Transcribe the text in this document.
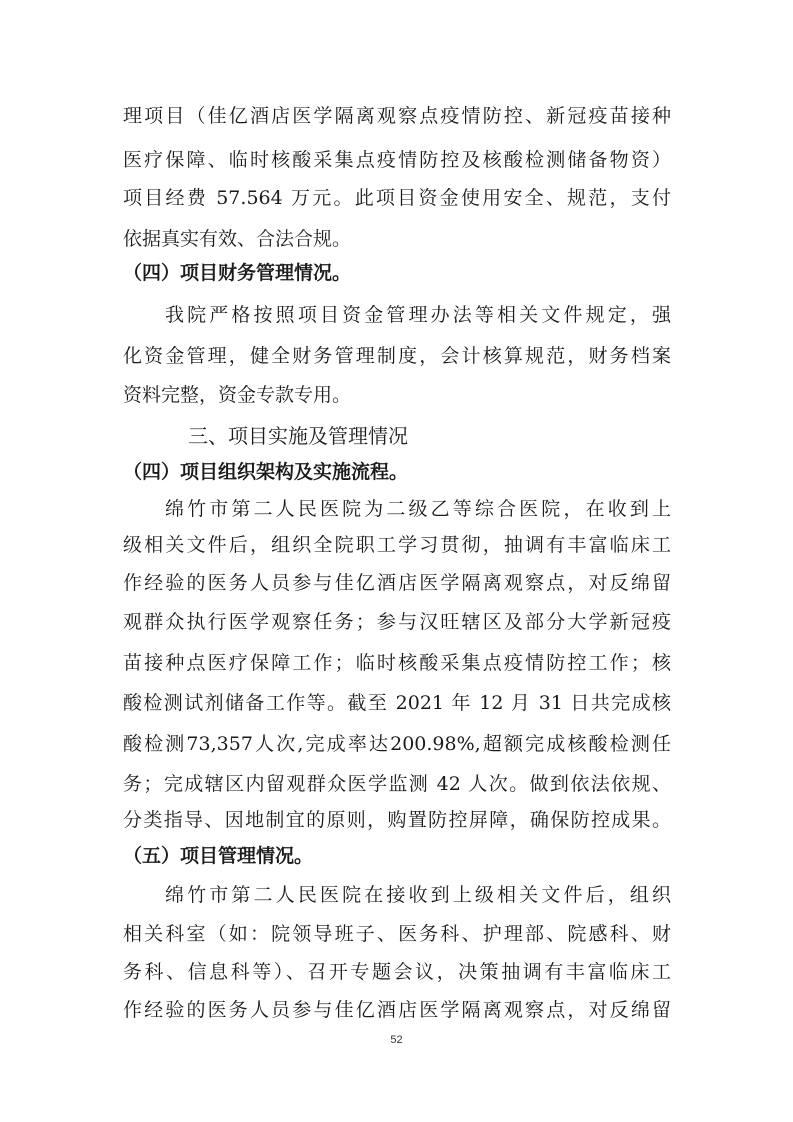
理项目（佳亿酒店医学隔离观察点疫情防控、新冠疫苗接种
医疗保障、临时核酸采集点疫情防控及核酸检测储备物资）
项目经费 57.564 万元。此项目资金使用安全、规范，支付
依据真实有效、合法合规。
（四）项目财务管理情况。
我院严格按照项目资金管理办法等相关文件规定，强
化资金管理，健全财务管理制度，会计核算规范，财务档案
资料完整，资金专款专用。
三、项目实施及管理情况
（四）项目组织架构及实施流程。
绵竹市第二人民医院为二级乙等综合医院，在收到上
级相关文件后，组织全院职工学习贯彻，抽调有丰富临床工
作经验的医务人员参与佳亿酒店医学隔离观察点，对反绵留
观群众执行医学观察任务；参与汉旺辖区及部分大学新冠疫
苗接种点医疗保障工作；临时核酸采集点疫情防控工作；核
酸检测试剂储备工作等。截至 2021 年 12 月 31 日共完成核
酸检测73,357人次,完成率达200.98%,超额完成核酸检测任
务；完成辖区内留观群众医学监测 42 人次。做到依法依规、
分类指导、因地制宜的原则，购置防控屏障，确保防控成果。
（五）项目管理情况。
绵竹市第二人民医院在接收到上级相关文件后，组织
相关科室（如：院领导班子、医务科、护理部、院感科、财
务科、信息科等）、召开专题会议，决策抽调有丰富临床工
作经验的医务人员参与佳亿酒店医学隔离观察点，对反绵留
52
